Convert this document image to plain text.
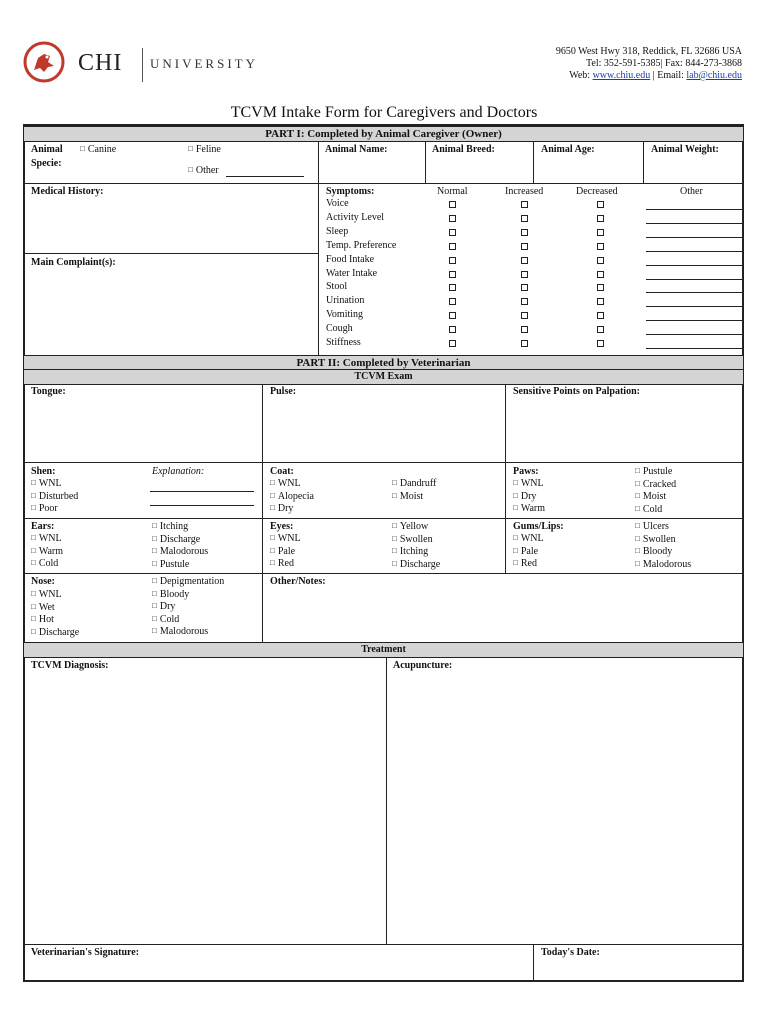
CHI UNIVERSITY
9650 West Hwy 318, Reddick, FL 32686 USA
Tel: 352-591-5385| Fax: 844-273-3868
Web: www.chiu.edu | Email: lab@chiu.edu
TCVM Intake Form for Caregivers and Doctors
PART I: Completed by Animal Caregiver (Owner)
Animal
Specie:
□ Canine
□	Feline
□ Other
Animal Name:	Animal Breed:	Animal Age:	Animal Weight:
Medical History:
Main Complaint(s):
Symptoms:	Normal	Increased	Decreased	Other
Voice
Activity Level
Sleep
Temp. Preference
Food Intake
Water Intake
Stool
Urination
Vomiting
Cough
Stiffness
PART II: Completed by Veterinarian
TCVM Exam
Tongue:	Pulse:	Sensitive Points on Palpation:
Shen:	Explanation:
□ WNL
□ Disturbed
□ Poor
Coat:
□ WNL
□ Alopecia
□ Dry
□ Dandruff
□ Moist
Paws:
□ WNL
□ Dry
□ Warm
□ Pustule
□ Cracked
□ Moist
□ Cold
Ears:
□ WNL
□ Warm
□ Cold
□ Itching
□ Discharge
□ Malodorous
□ Pustule
Eyes:
□ WNL
□ Pale
□ Red
□ Yellow
□ Swollen
□ Itching
□ Discharge
Gums/Lips:
□ WNL
□ Pale
□ Red
□ Ulcers
□ Swollen
□ Bloody
□ Malodorous
Nose:
□ WNL
□ Wet
□ Hot
□ Discharge
□ Depigmentation
□ Bloody
□ Dry
□ Cold
□ Malodorous
Other/Notes:
Treatment
TCVM Diagnosis:	Acupuncture:
Veterinarian's Signature:	Today's Date:
